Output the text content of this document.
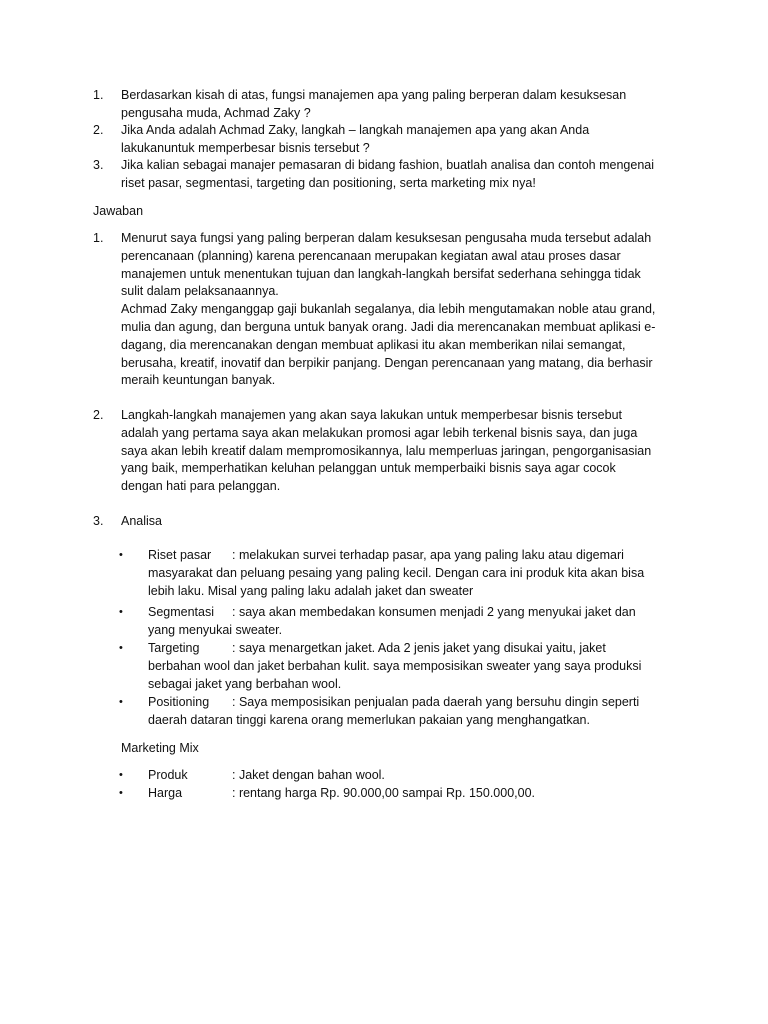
1. Berdasarkan kisah di atas, fungsi manajemen apa yang paling berperan dalam kesuksesan
pengusaha muda, Achmad Zaky ?
2. Jika Anda adalah Achmad Zaky, langkah – langkah manajemen apa yang akan Anda
lakukanuntuk memperbesar bisnis tersebut ?
3. Jika kalian sebagai manajer pemasaran di bidang fashion, buatlah analisa dan contoh mengenai
riset pasar, segmentasi, targeting dan positioning, serta marketing mix nya!
Jawaban
1. Menurut saya fungsi yang paling berperan dalam kesuksesan pengusaha muda tersebut adalah
perencanaan (planning) karena perencanaan merupakan kegiatan awal atau proses dasar
manajemen untuk menentukan tujuan dan langkah-langkah bersifat sederhana sehingga tidak
sulit dalam pelaksanaannya.
Achmad Zaky menganggap gaji bukanlah segalanya, dia lebih mengutamakan noble atau grand,
mulia dan agung, dan berguna untuk banyak orang. Jadi dia merencanakan membuat aplikasi e-
dagang, dia merencanakan dengan membuat aplikasi itu akan memberikan nilai semangat,
berusaha, kreatif, inovatif dan berpikir panjang. Dengan perencanaan yang matang, dia berhasir
meraih keuntungan banyak.
2. Langkah-langkah manajemen yang akan saya lakukan untuk memperbesar bisnis tersebut
adalah yang pertama saya akan melakukan promosi agar lebih terkenal bisnis saya, dan juga
saya akan lebih kreatif dalam mempromosikannya, lalu memperluas jaringan, pengorganisasian
yang baik, memperhatikan keluhan pelanggan untuk memperbaiki bisnis saya agar cocok
dengan hati para pelanggan.
3. Analisa
• Riset pasar	: melakukan survei terhadap pasar, apa yang paling laku atau digemari
masyarakat dan peluang pesaing yang paling kecil. Dengan cara ini produk kita akan bisa
lebih laku. Misal yang paling laku adalah jaket dan sweater
• Segmentasi	: saya akan membedakan konsumen menjadi 2 yang menyukai jaket dan
yang menyukai sweater.
• Targeting	: saya menargetkan jaket. Ada 2 jenis jaket yang disukai yaitu, jaket
berbahan wool dan jaket berbahan kulit. saya memposisikan sweater yang saya produksi
sebagai jaket yang berbahan wool.
• Positioning	: Saya memposisikan penjualan pada daerah yang bersuhu dingin seperti
daerah dataran tinggi karena orang memerlukan pakaian yang menghangatkan.
Marketing Mix
• Produk	: Jaket dengan bahan wool.
• Harga	: rentang harga Rp. 90.000,00 sampai Rp. 150.000,00.
